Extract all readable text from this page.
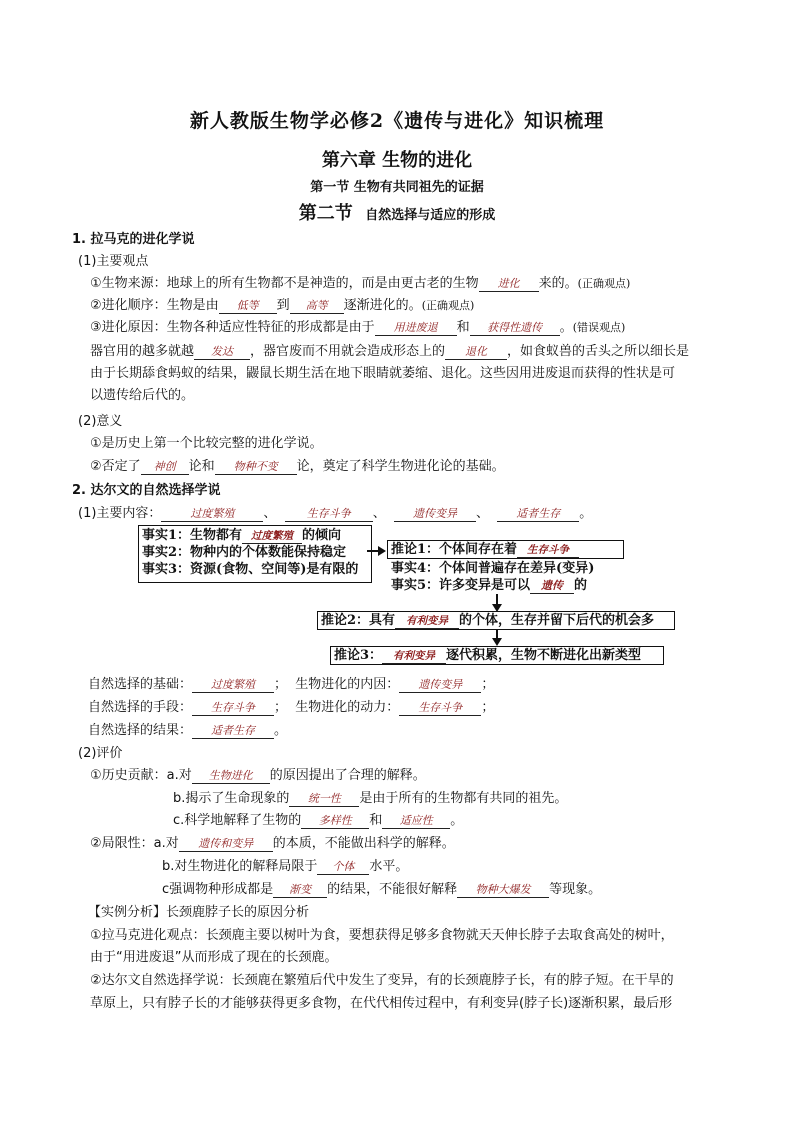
新人教版生物学必修2《遗传与进化》知识梳理
第六章 生物的进化
第一节 生物有共同祖先的证据
第二节 自然选择与适应的形成
1. 拉马克的进化学说
(1)主要观点
①生物来源：地球上的所有生物都不是神造的，而是由更古老的生物 进化 来的。(正确观点)
②进化顺序：生物是由 低等 到 高等 逐渐进化的。(正确观点)
③进化原因：生物各种适应性特征的形成都是由于 用进废退 和 获得性遗传 。(错误观点)
器官用的越多就越 发达 ，器官废而不用就会造成形态上的 退化 ，如食蚁兽的舌头之所以细长是
由于长期舔食蚂蚁的结果，鼹鼠长期生活在地下眼睛就萎缩、退化。这些因用进废退而获得的性状是可
以遗传给后代的。
(2)意义
①是历史上第一个比较完整的进化学说。
②否定了 神创 论和 物种不变 论，奠定了科学生物进化论的基础。
2. 达尔文的自然选择学说
(1)主要内容：	过度繁殖 、	生存斗争 、 遗传变异 、 适者生存 。
事实1：生物都有 过度繁殖 的倾向
事实2：物种内的个体数能保持稳定
事实3：资源(食物、空间等)是有限的
推论1：个体间存在着 生存斗争
事实4：个体间普遍存在差异(变异)
事实5：许多变异是可以 遗传 的
推论2：具有 有利变异 的个体，生存并留下后代的机会多
推论3： 有利变异 逐代积累，生物不断进化出新类型
自然选择的基础： 过度繁殖 ； 生物进化的内因： 遗传变异 ；
自然选择的手段： 生存斗争 ； 生物进化的动力： 生存斗争 ；
自然选择的结果： 适者生存 。
(2)评价
①历史贡献：a.对 生物进化 的原因提出了合理的解释。
b.揭示了生命现象的 统一性 是由于所有的生物都有共同的祖先。
c.科学地解释了生物的 多样性 和 适应性 。
②局限性：a.对 遗传和变异 的本质，不能做出科学的解释。
b.对生物进化的解释局限于 个体 水平。
c强调物种形成都是 渐变 的结果，不能很好解释 物种大爆发 等现象。
【实例分析】长颈鹿脖子长的原因分析
①拉马克进化观点：长颈鹿主要以树叶为食，要想获得足够多食物就天天伸长脖子去取食高处的树叶，
由于“用进废退”从而形成了现在的长颈鹿。
②达尔文自然选择学说：长颈鹿在繁殖后代中发生了变异，有的长颈鹿脖子长，有的脖子短。在干旱的
草原上，只有脖子长的才能够获得更多食物，在代代相传过程中，有利变异(脖子长)逐渐积累，最后形
